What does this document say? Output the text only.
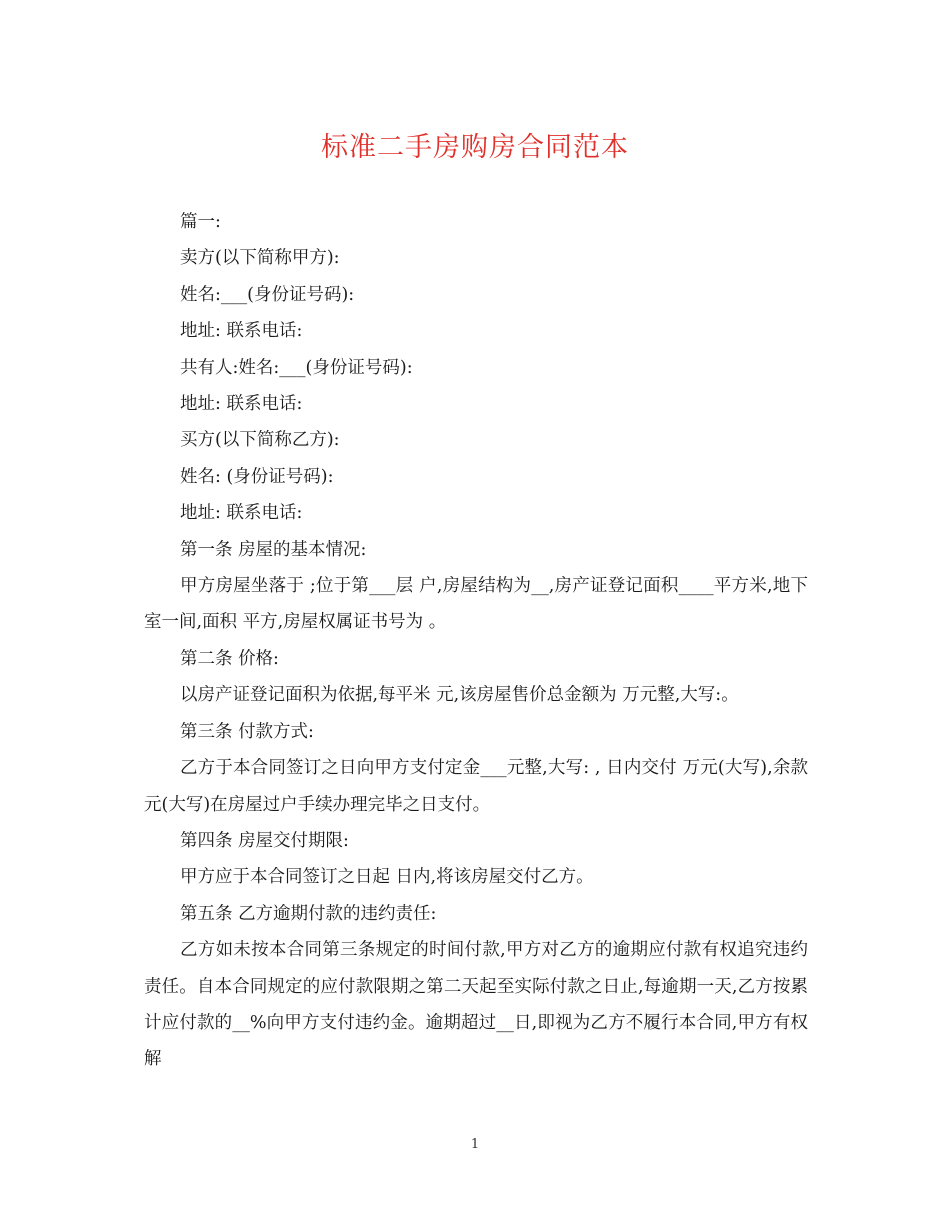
标准二手房购房合同范本

篇一:

卖方(以下简称甲方):

姓名:___(身份证号码):

地址: 联系电话:

共有人:姓名:___(身份证号码):

地址: 联系电话:

买方(以下简称乙方):

姓名: (身份证号码):

地址: 联系电话:

第一条 房屋的基本情况:

甲方房屋坐落于 ;位于第___层 户,房屋结构为__,房产证登记面积____平方米,地下室一间,面积 平方,房屋权属证书号为 。

第二条 价格:

以房产证登记面积为依据,每平米 元,该房屋售价总金额为 万元整,大写:。

第三条 付款方式:

乙方于本合同签订之日向甲方支付定金___元整,大写: , 日内交付 万元(大写),余款 元(大写)在房屋过户手续办理完毕之日支付。

第四条 房屋交付期限:

甲方应于本合同签订之日起 日内,将该房屋交付乙方。

第五条 乙方逾期付款的违约责任:

乙方如未按本合同第三条规定的时间付款,甲方对乙方的逾期应付款有权追究违约责任。自本合同规定的应付款限期之第二天起至实际付款之日止,每逾期一天,乙方按累计应付款的__%向甲方支付违约金。逾期超过__日,即视为乙方不履行本合同,甲方有权解

1
